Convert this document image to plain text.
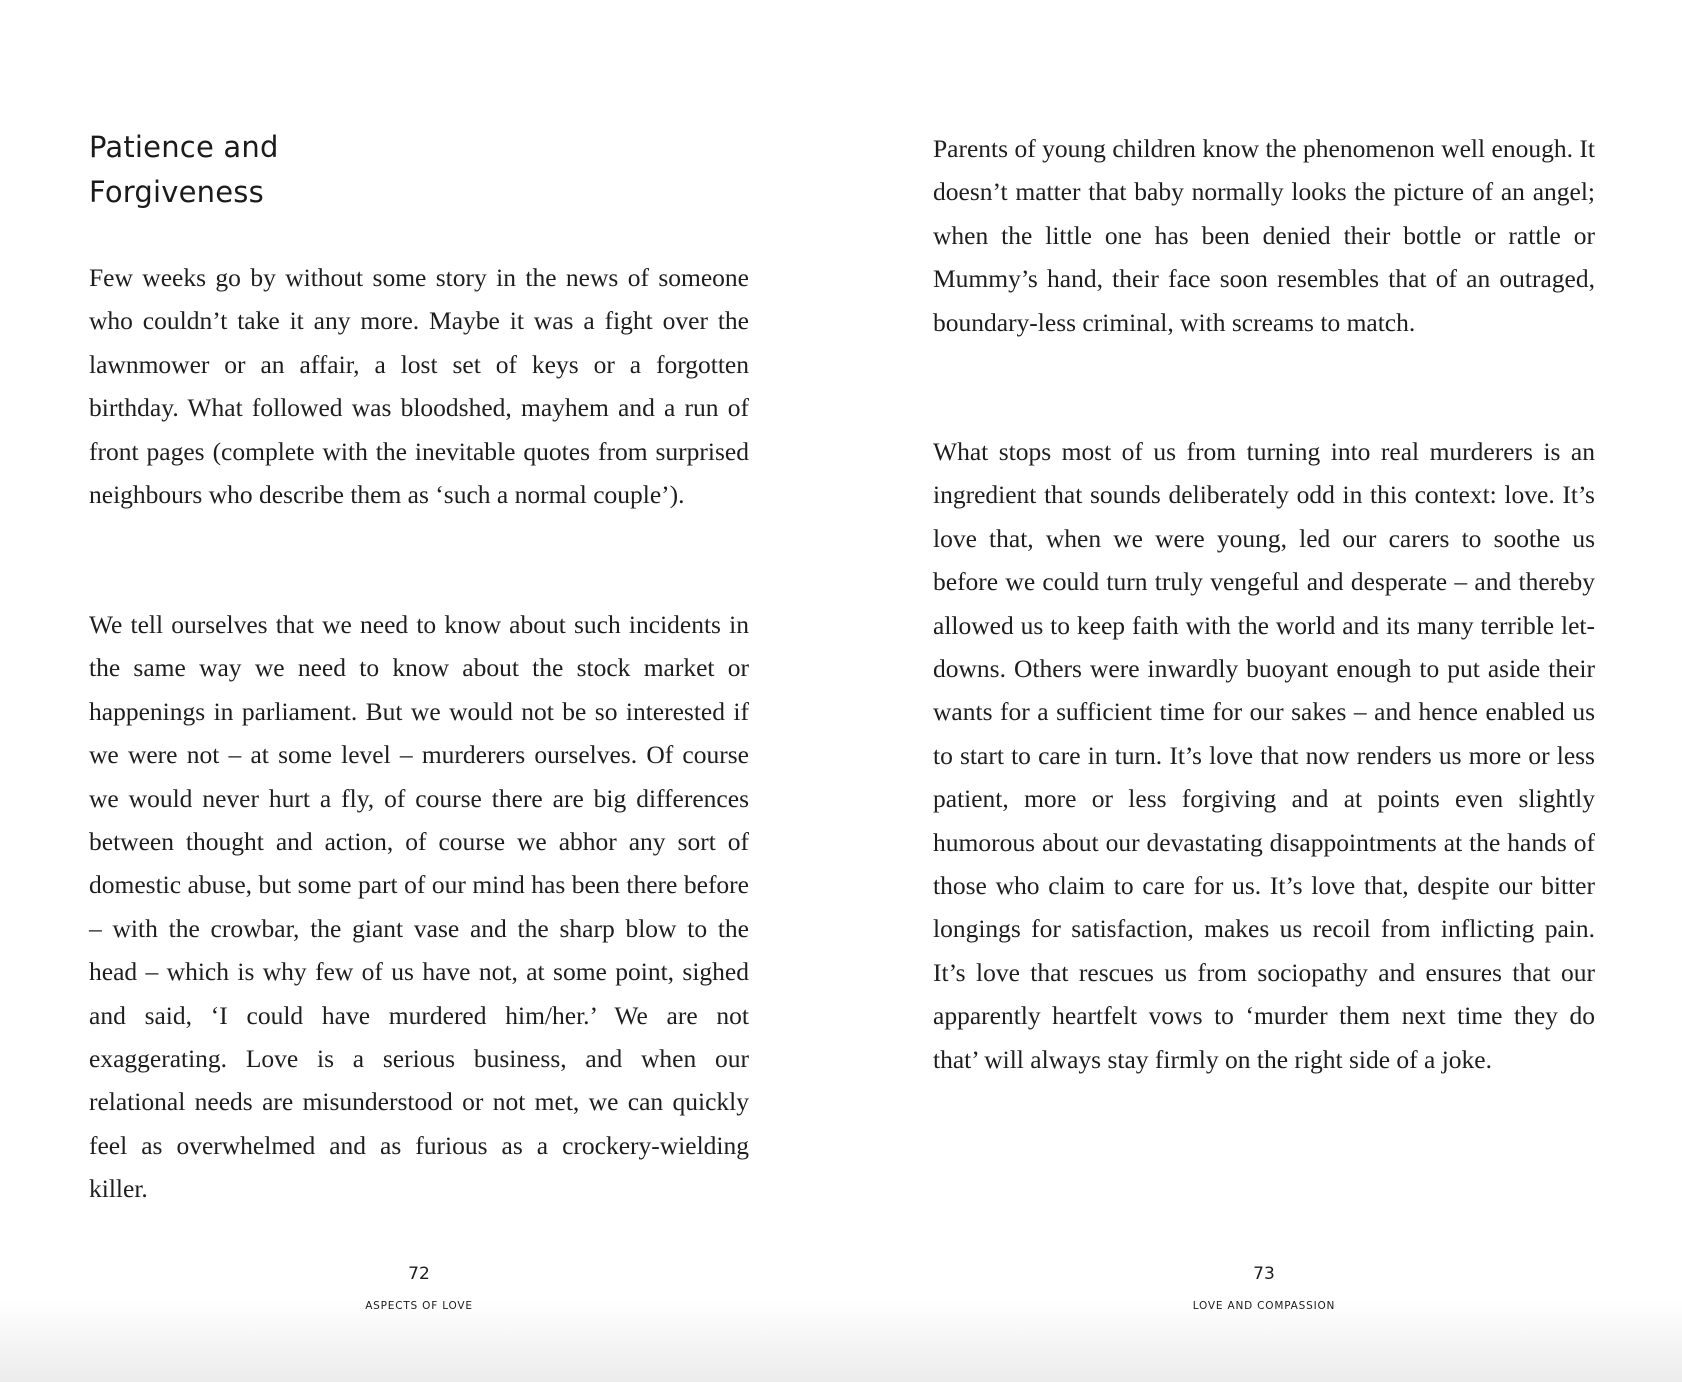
Patience and
Forgiveness

Few weeks go by without some story in the news of someone who couldn’t take it any more. Maybe it was a fight over the lawnmower or an affair, a lost set of keys or a forgotten birthday. What followed was bloodshed, mayhem and a run of front pages (complete with the inevitable quotes from surprised neighbours who describe them as ‘such a normal couple’).

We tell ourselves that we need to know about such incidents in the same way we need to know about the stock market or happenings in parliament. But we would not be so interested if we were not – at some level – murderers ourselves. Of course we would never hurt a fly, of course there are big differences between thought and action, of course we abhor any sort of domestic abuse, but some part of our mind has been there before – with the crowbar, the giant vase and the sharp blow to the head – which is why few of us have not, at some point, sighed and said, ‘I could have murdered him/her.’ We are not exaggerating. Love is a serious business, and when our relational needs are misunderstood or not met, we can quickly feel as overwhelmed and as furious as a crockery-wielding killer.

72
ASPECTS OF LOVE

Parents of young children know the phenomenon well enough. It doesn’t matter that baby normally looks the picture of an angel; when the little one has been denied their bottle or rattle or Mummy’s hand, their face soon resembles that of an outraged, boundary-less criminal, with screams to match.

What stops most of us from turning into real murderers is an ingredient that sounds deliberately odd in this context: love. It’s love that, when we were young, led our carers to soothe us before we could turn truly vengeful and desperate – and thereby allowed us to keep faith with the world and its many terrible let-downs. Others were inwardly buoyant enough to put aside their wants for a sufficient time for our sakes – and hence enabled us to start to care in turn. It’s love that now renders us more or less patient, more or less forgiving and at points even slightly humorous about our devastating disappointments at the hands of those who claim to care for us. It’s love that, despite our bitter longings for satisfaction, makes us recoil from inflicting pain. It’s love that rescues us from sociopathy and ensures that our apparently heartfelt vows to ‘murder them next time they do that’ will always stay firmly on the right side of a joke.

73
LOVE AND COMPASSION
